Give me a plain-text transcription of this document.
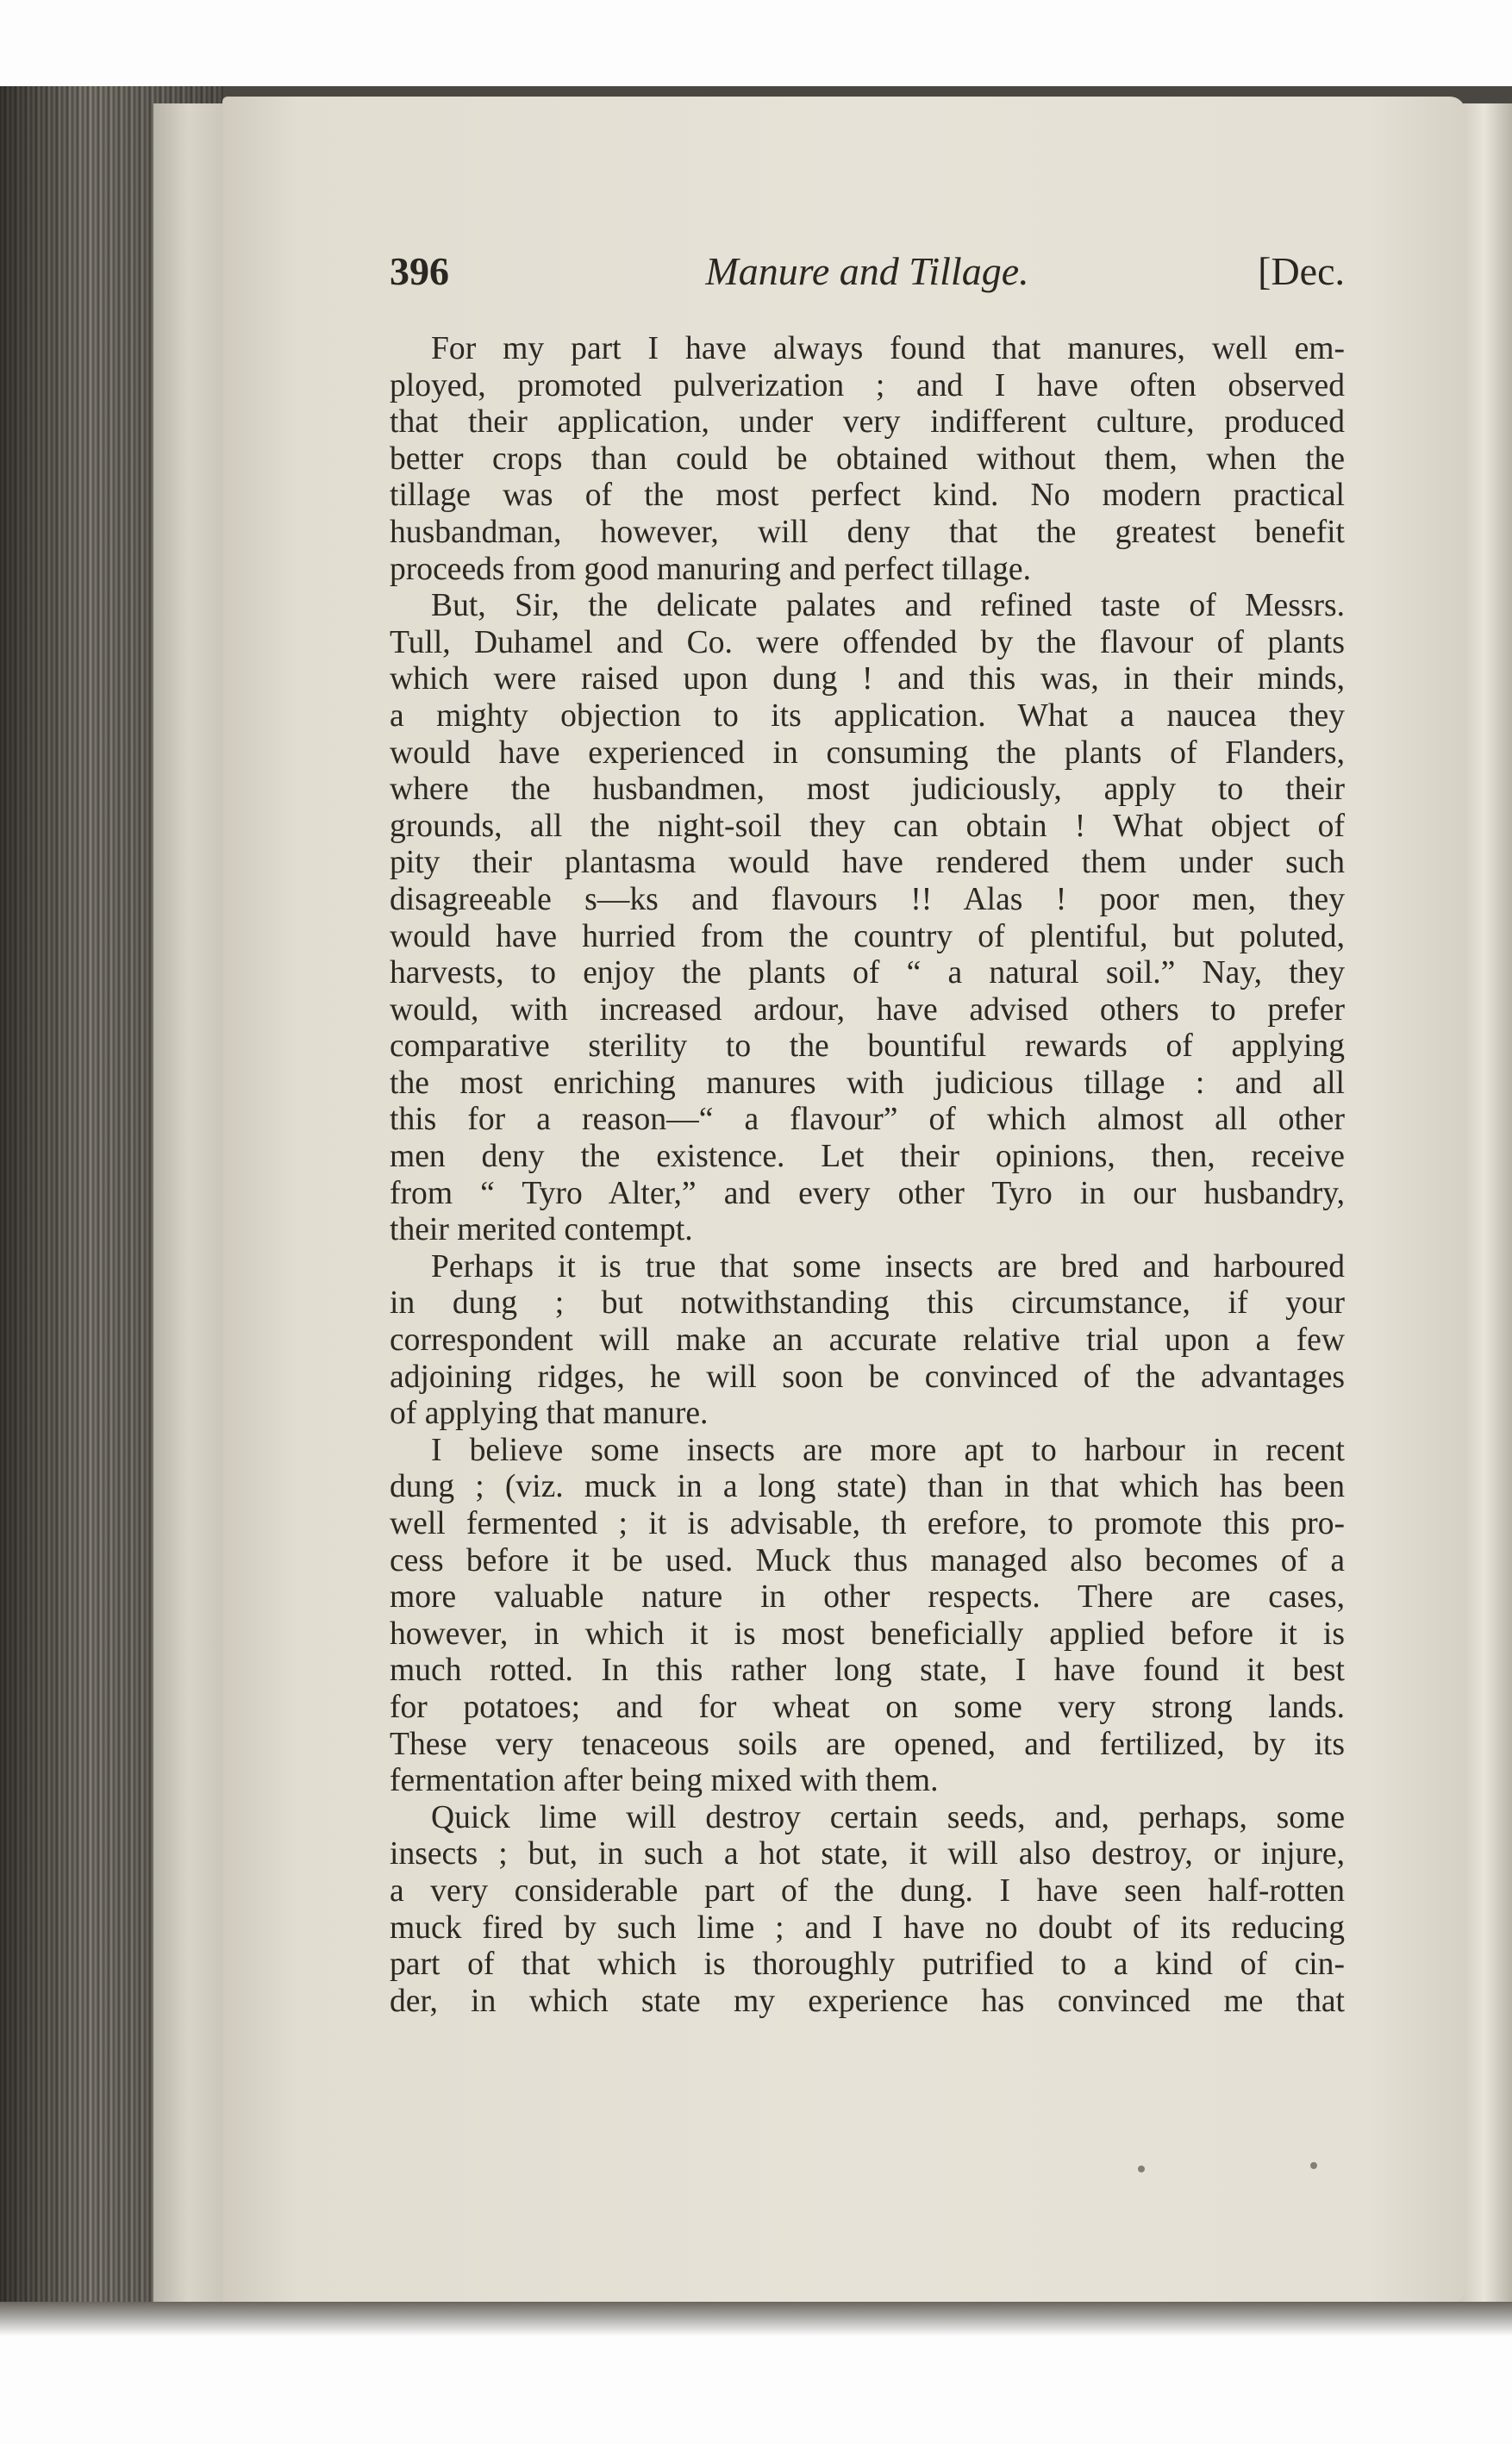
396	Manure and Tillage.	[Dec.
For my part I have always found that manures, well em-
ployed, promoted pulverization ; and I have often observed
that their application, under very indifferent culture, produced
better crops than could be obtained without them, when the
tillage was of the most perfect kind. No modern practical
husbandman, however, will deny that the greatest benefit
proceeds from good manuring and perfect tillage.
But, Sir, the delicate palates and refined taste of Messrs.
Tull, Duhamel and Co. were offended by the flavour of plants
which were raised upon dung ! and this was, in their minds,
a mighty objection to its application. What a naucea they
would have experienced in consuming the plants of Flanders,
where the husbandmen, most judiciously, apply to their
grounds, all the night-soil they can obtain ! What object of
pity their plantasma would have rendered them under such
disagreeable s—ks and flavours !! Alas ! poor men, they
would have hurried from the country of plentiful, but poluted,
harvests, to enjoy the plants of “ a natural soil.” Nay, they
would, with increased ardour, have advised others to prefer
comparative sterility to the bountiful rewards of applying
the most enriching manures with judicious tillage : and all
this for a reason—“ a flavour” of which almost all other
men deny the existence. Let their opinions, then, receive
from “ Tyro Alter,” and every other Tyro in our husbandry,
their merited contempt.
Perhaps it is true that some insects are bred and harboured
in dung ; but notwithstanding this circumstance, if your
correspondent will make an accurate relative trial upon a few
adjoining ridges, he will soon be convinced of the advantages
of applying that manure.
I believe some insects are more apt to harbour in recent
dung ; (viz. muck in a long state) than in that which has been
well fermented ; it is advisable, th erefore, to promote this pro-
cess before it be used. Muck thus managed also becomes of a
more valuable nature in other respects. There are cases,
however, in which it is most beneficially applied before it is
much rotted. In this rather long state, I have found it best
for potatoes; and for wheat on some very strong lands.
These very tenaceous soils are opened, and fertilized, by its
fermentation after being mixed with them.
Quick lime will destroy certain seeds, and, perhaps, some
insects ; but, in such a hot state, it will also destroy, or injure,
a very considerable part of the dung. I have seen half-rotten
muck fired by such lime ; and I have no doubt of its reducing
part of that which is thoroughly putrified to a kind of cin-
der, in which state my experience has convinced me that
